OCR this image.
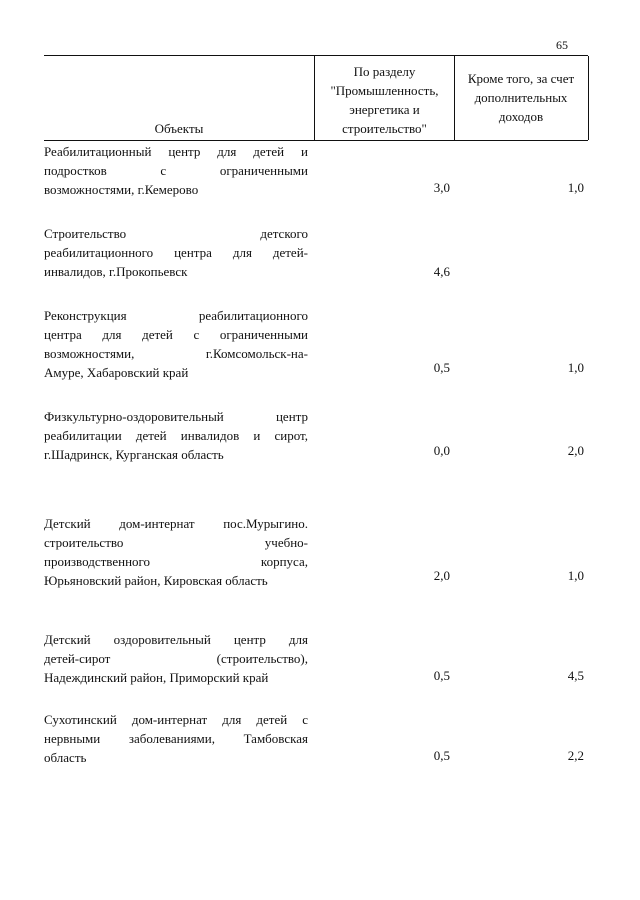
65
Объекты
По разделу
"Промышленность,
энергетика и
строительство"
Кроме того, за счет
дополнительных
доходов
Реабилитационный центр для детей и
подростков с ограниченными
возможностями, г.Кемерово	3,0	1,0
Строительство детского
реабилитационного центра для детей-
инвалидов, г.Прокопьевск	4,6
Реконструкция реабилитационного
центра для детей с ограниченными
возможностями, г.Комсомольск-на-
Амуре, Хабаровский край	0,5	1,0
Физкультурно-оздоровительный центр
реабилитации детей инвалидов и сирот,
г.Шадринск, Курганская область	0,0	2,0
Детский дом-интернат пос.Мурыгино.
строительство учебно-
производственного корпуса,
Юрьяновский район, Кировская область	2,0	1,0
Детский оздоровительный центр для
детей-сирот (строительство),
Надеждинский район, Приморский край	0,5	4,5
Сухотинский дом-интернат для детей с
нервными заболеваниями, Тамбовская
область	0,5	2,2
